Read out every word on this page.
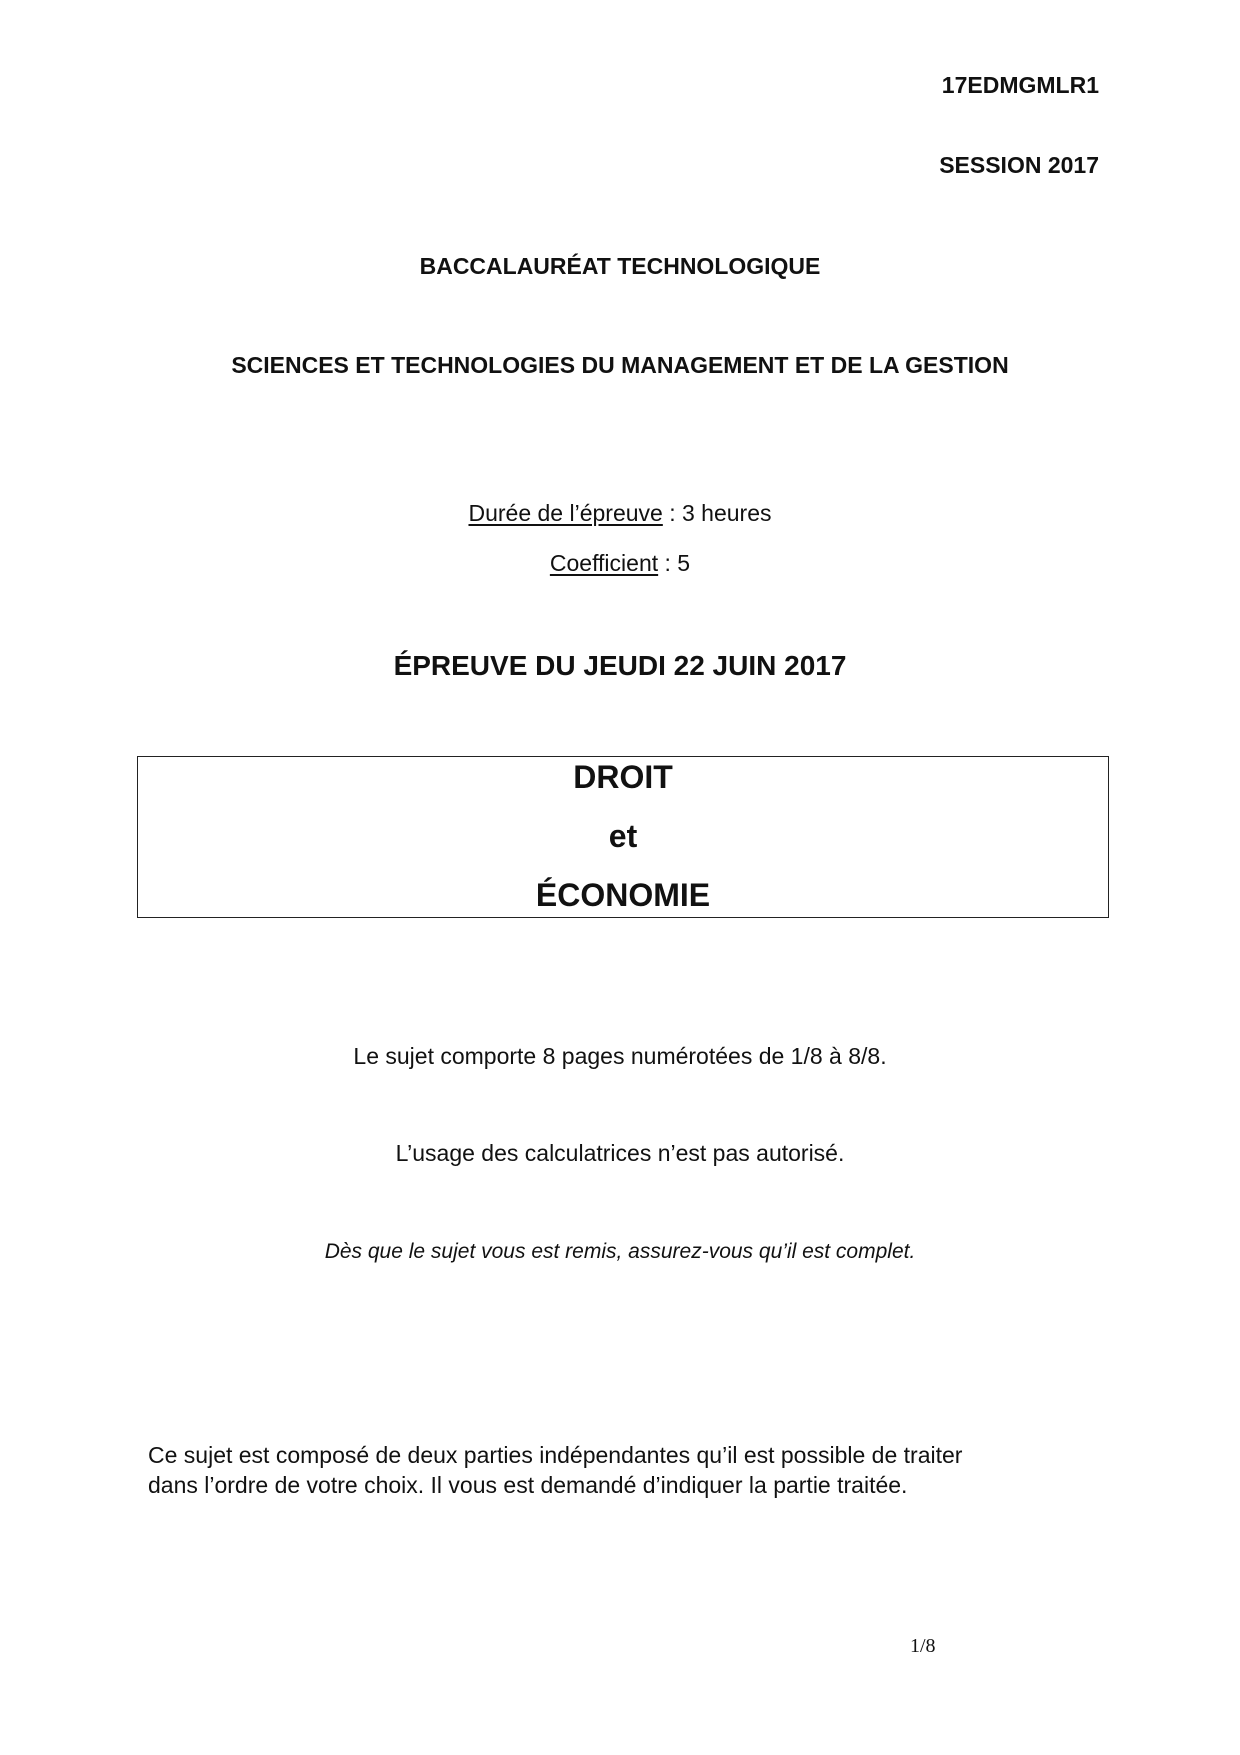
17EDMGMLR1

SESSION 2017

BACCALAURÉAT TECHNOLOGIQUE

SCIENCES ET TECHNOLOGIES DU MANAGEMENT ET DE LA GESTION

Durée de l’épreuve : 3 heures

Coefficient : 5

ÉPREUVE DU JEUDI 22 JUIN 2017

DROIT

et

ÉCONOMIE

Le sujet comporte 8 pages numérotées de 1/8 à 8/8.

L’usage des calculatrices n’est pas autorisé.

Dès que le sujet vous est remis, assurez-vous qu’il est complet.

Ce sujet est composé de deux parties indépendantes qu’il est possible de traiter
dans l’ordre de votre choix. Il vous est demandé d’indiquer la partie traitée.

1/8
